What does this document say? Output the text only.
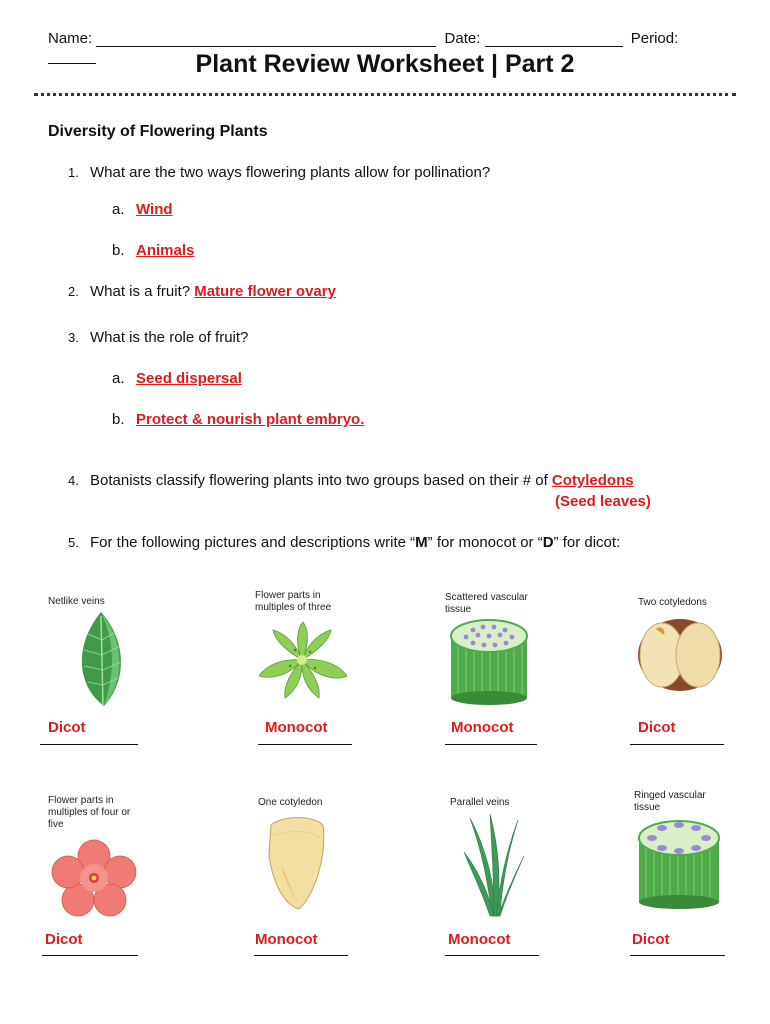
Name:	Date:	Period:
Plant Review Worksheet | Part 2
Diversity of Flowering Plants
1. What are the two ways flowering plants allow for pollination?
a. Wind
b. Animals
2. What is a fruit? Mature flower ovary
3. What is the role of fruit?
a. Seed dispersal
b. Protect & nourish plant embryo.
4. Botanists classify flowering plants into two groups based on their # of Cotyledons
(Seed leaves)
5. For the following pictures and descriptions write “M” for monocot or “D” for dicot:
Netlike veins
Dicot
Flower parts in multiples of three
Monocot
Scattered vascular tissue
Monocot
Two cotyledons
Dicot
Flower parts in multiples of four or five
Dicot
One cotyledon
Monocot
Parallel veins
Monocot
Ringed vascular tissue
Dicot
